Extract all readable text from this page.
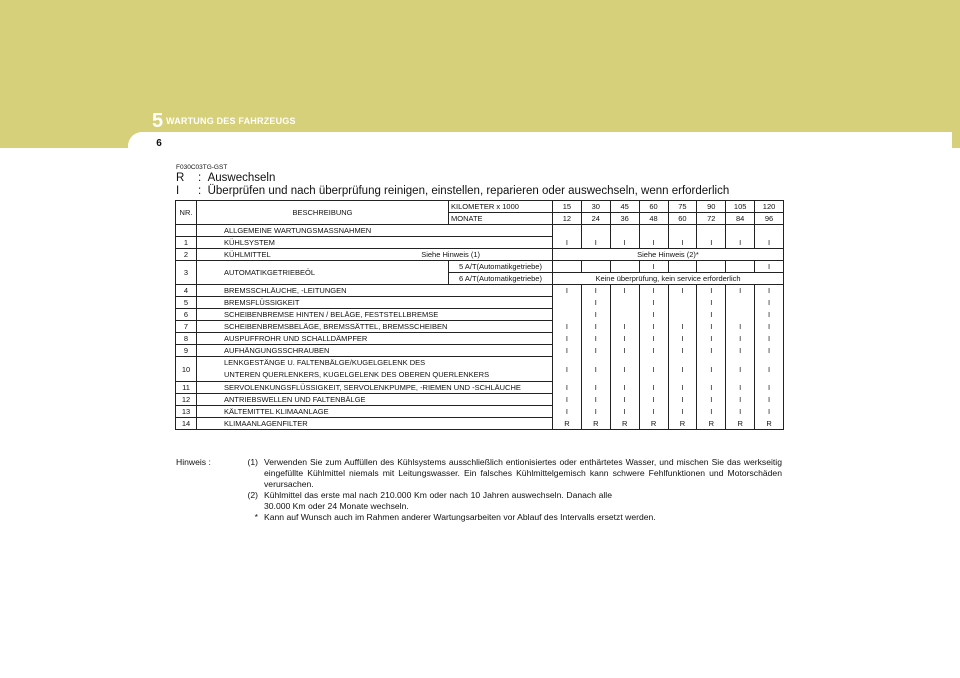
5 WARTUNG DES FAHRZEUGS
6
F030C03TG-GST
R : Auswechseln
I : Überprüfen und nach überprüfung reinigen, einstellen, reparieren oder auswechseln, wenn erforderlich
NR.	BESCHREIBUNG	KILOMETER x 1000	15	30	45	60	75	90	105	120
		MONATE	12	24	36	48	60	72	84	96
	ALLGEMEINE WARTUNGSMASSNAHMEN									
1	KÜHLSYSTEM		I	I	I	I	I	I	I	I
2	KÜHLMITTEL Siehe Hinweis (1)		Siehe Hinweis (2)*							
3	AUTOMATIKGETRIEBEÖL	5 A/T(Automatikgetriebe)				I				I
		6 A/T(Automatikgetriebe)	Keine überprüfung, kein service erforderlich							
4	BREMSSCHLÄUCHE, -LEITUNGEN		I	I	I	I	I	I	I	I
5	BREMSFLÜSSIGKEIT			I		I		I		I
6	SCHEIBENBREMSE HINTEN / BELÄGE, FESTSTELLBREMSE			I		I		I		I
7	SCHEIBENBREMSBELÄGE, BREMSSÄTTEL, BREMSSCHEIBEN		I	I	I	I	I	I	I	I
8	AUSPUFFROHR UND SCHALLDÄMPFER		I	I	I	I	I	I	I	I
9	AUFHÄNGUNGSSCHRAUBEN		I	I	I	I	I	I	I	I
10	LENKGESTÄNGE U. FALTENBÄLGE/KUGELGELENK DES
UNTEREN QUERLENKERS, KUGELGELENK DES OBEREN QUERLENKERS		I	I	I	I	I	I	I	I
11	SERVOLENKUNGSFLÜSSIGKEIT, SERVOLENKPUMPE, -RIEMEN UND -SCHLÄUCHE		I	I	I	I	I	I	I	I
12	ANTRIEBSWELLEN UND FALTENBÄLGE		I	I	I	I	I	I	I	I
13	KÄLTEMITTEL KLIMAANLAGE		I	I	I	I	I	I	I	I
14	KLIMAANLAGENFILTER		R	R	R	R	R	R	R	R
Hinweis :	(1) Verwenden Sie zum Auffüllen des Kühlsystems ausschließlich entionisiertes oder enthärtetes Wasser, und mischen Sie das werkseitig eingefüllte Kühlmittel niemals mit Leitungswasser. Ein falsches Kühlmittelgemisch kann schwere Fehlfunktionen und Motorschäden verursachen.
(2) Kühlmittel das erste mal nach 210.000 Km oder nach 10 Jahren auswechseln. Danach alle 30.000 Km oder 24 Monate wechseln.
* Kann auf Wunsch auch im Rahmen anderer Wartungsarbeiten vor Ablauf des Intervalls ersetzt werden.
